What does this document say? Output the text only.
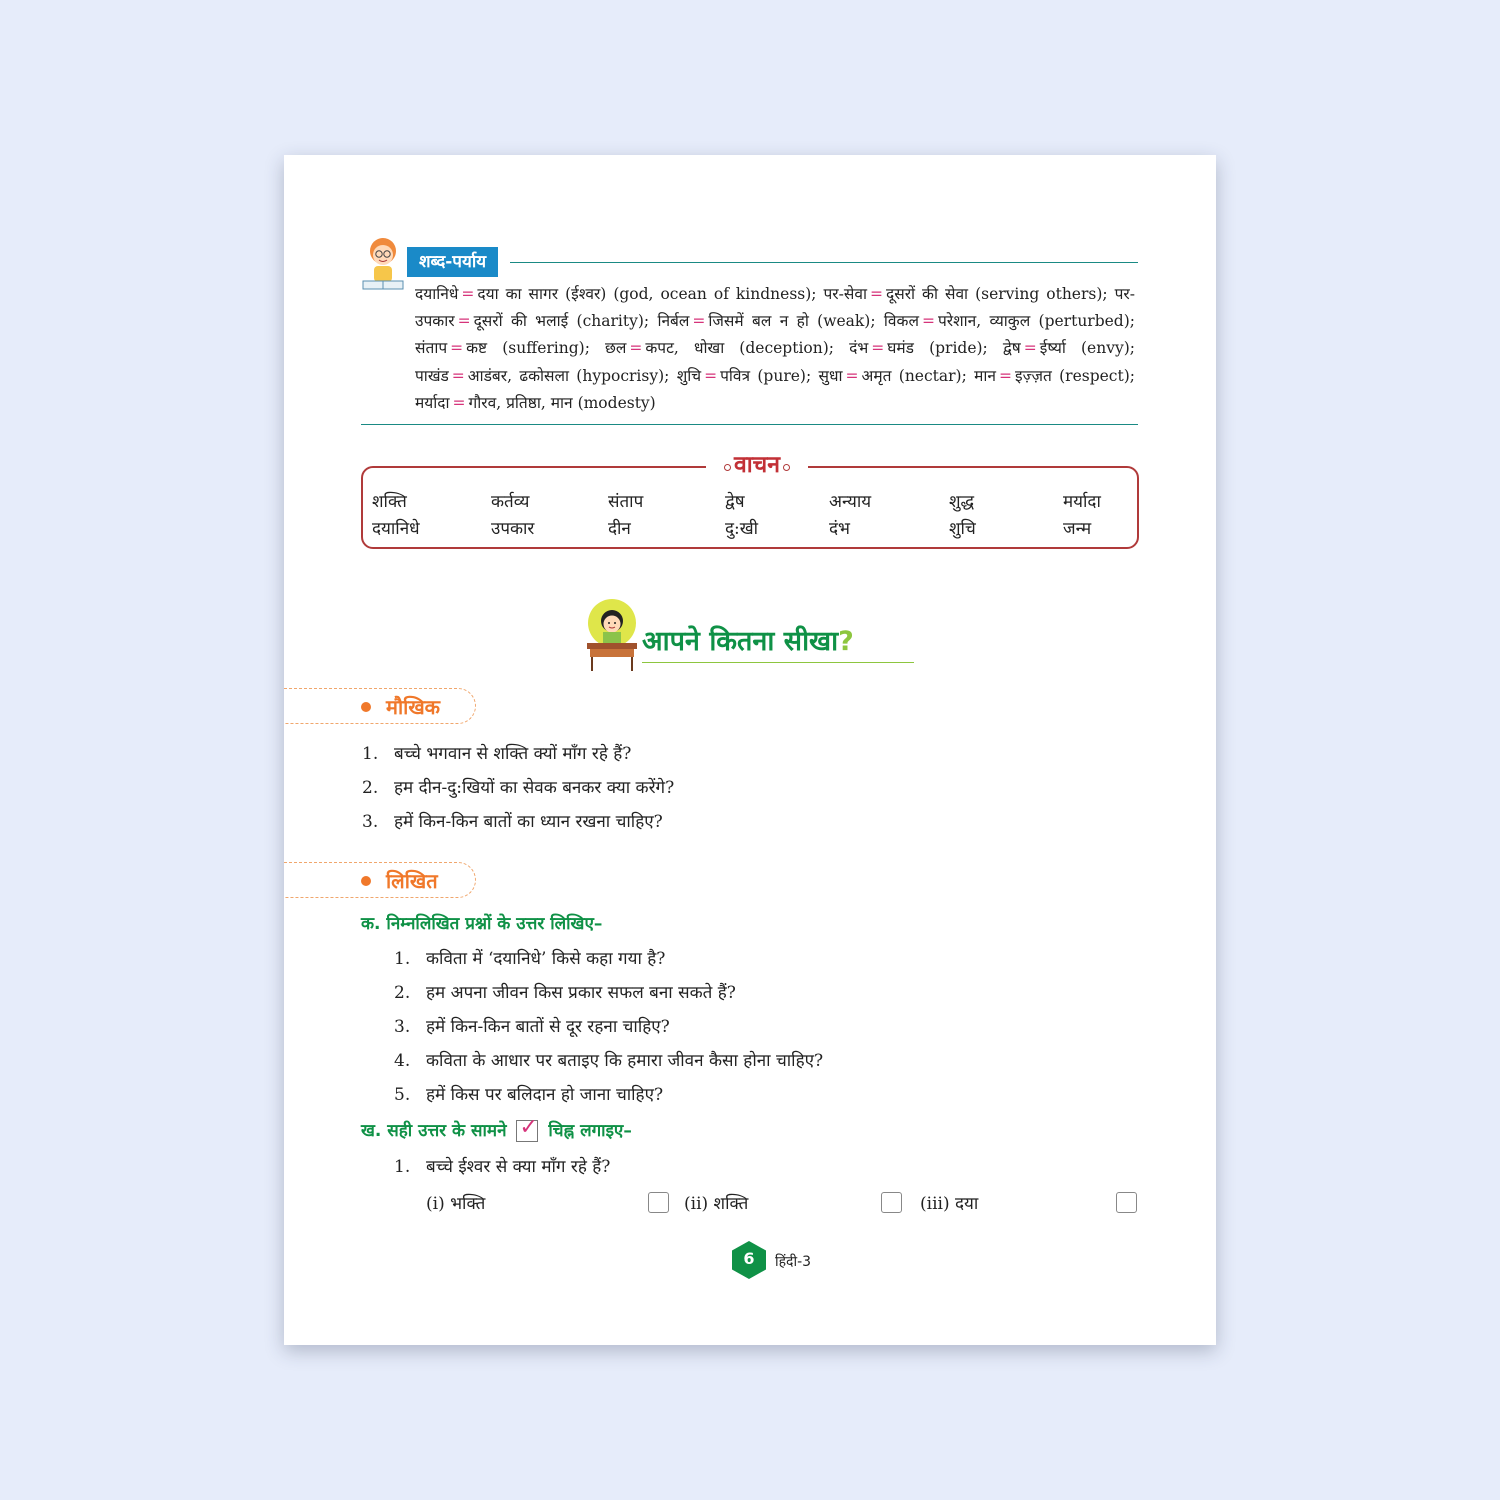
शब्द-पर्याय
दयानिधे = दया का सागर (ईश्वर) (god, ocean of kindness); पर-सेवा = दूसरों की सेवा (serving others); पर-उपकार = दूसरों की भलाई (charity); निर्बल = जिसमें बल न हो (weak); विकल = परेशान, व्याकुल (perturbed); संताप = कष्ट (suffering); छल = कपट, धोखा (deception); दंभ = घमंड (pride); द्वेष = ईर्ष्या (envy); पाखंड = आडंबर, ढकोसला (hypocrisy); शुचि = पवित्र (pure); सुधा = अमृत (nectar); मान = इज़्ज़त (respect); मर्यादा = गौरव, प्रतिष्ठा, मान (modesty)
वाचन
शक्ति	कर्तव्य	संताप	द्वेष	अन्याय	शुद्ध	मर्यादा
दयानिधे	उपकार	दीन	दु:खी	दंभ	शुचि	जन्म
आपने कितना सीखा?
मौखिक
1. बच्चे भगवान से शक्ति क्यों माँग रहे हैं?
2. हम दीन-दु:खियों का सेवक बनकर क्या करेंगे?
3. हमें किन-किन बातों का ध्यान रखना चाहिए?
लिखित
क. निम्नलिखित प्रश्नों के उत्तर लिखिए–
1. कविता में ‘दयानिधे’ किसे कहा गया है?
2. हम अपना जीवन किस प्रकार सफल बना सकते हैं?
3. हमें किन-किन बातों से दूर रहना चाहिए?
4. कविता के आधार पर बताइए कि हमारा जीवन कैसा होना चाहिए?
5. हमें किस पर बलिदान हो जाना चाहिए?
ख. सही उत्तर के सामने ✓ चिह्न लगाइए–
1. बच्चे ईश्वर से क्या माँग रहे हैं?
(i) भक्ति	(ii) शक्ति	(iii) दया
6	हिंदी-3
